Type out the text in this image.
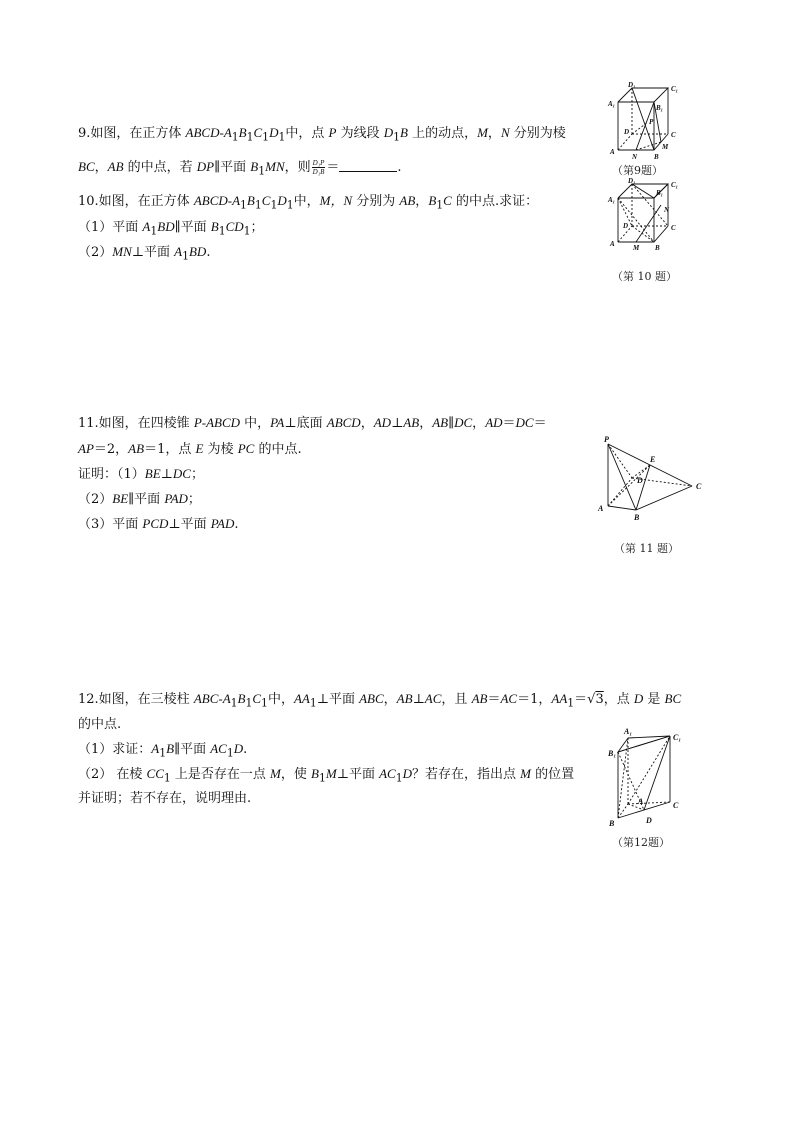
9.如图，在正方体 ABCD-$A_1B_1C_1D_1$中，点 P 为线段 $D_1B$ 上的动点，M，N 分别为棱
BC，AB 的中点，若 DP∥平面 $B_1MN$，则 $\frac{\text{D₁P}}{\text{D₁B}}$ ＝	.
A₁
D₁	C₁
B₁
D	C
A
N B
M
P
（第9题）
10.如图，在正方体 ABCD-$A_1B_1C_1D_1$中，M，N 分别为 AB，$B_1C$ 的中点.求证：
（1）平面 $A_1BD\parallel$平面 $B_1CD_1$；
（2）MN⊥平面 $A_1BD$.
A₁
D₁	C₁
B₁
N
D	C
A	M B
（第 10 题）
11.如图，在四棱锥 P-ABCD 中，PA⊥底面 ABCD，AD⊥AB，AB∥DC，AD＝DC＝
AP＝2，AB＝1，点 E 为棱 PC 的中点.
证明：（1）BE⊥DC；
（2）BE∥平面 PAD；
（3）平面 PCD⊥平面 PAD.
P
E
D
C
A
B
（第 11 题）
12.如图，在三棱柱 ABC-$A_1B_1C_1$中，$AA_1\perp$平面 ABC，AB⊥AC，且 AB＝AC＝1，$AA_1=√3$，点 D 是 BC
的中点.
（1）求证：$A_1B\parallel$平面 $AC_1D$.
（2） 在棱 $CC_1$ 上是否存在一点 M，使 $B_1M\perp$平面 $AC_1D$？若存在，指出点 M 的位置
并证明；若不存在，说明理由.
A₁
C₁
B₁
A	C
B	D
（第12题）
